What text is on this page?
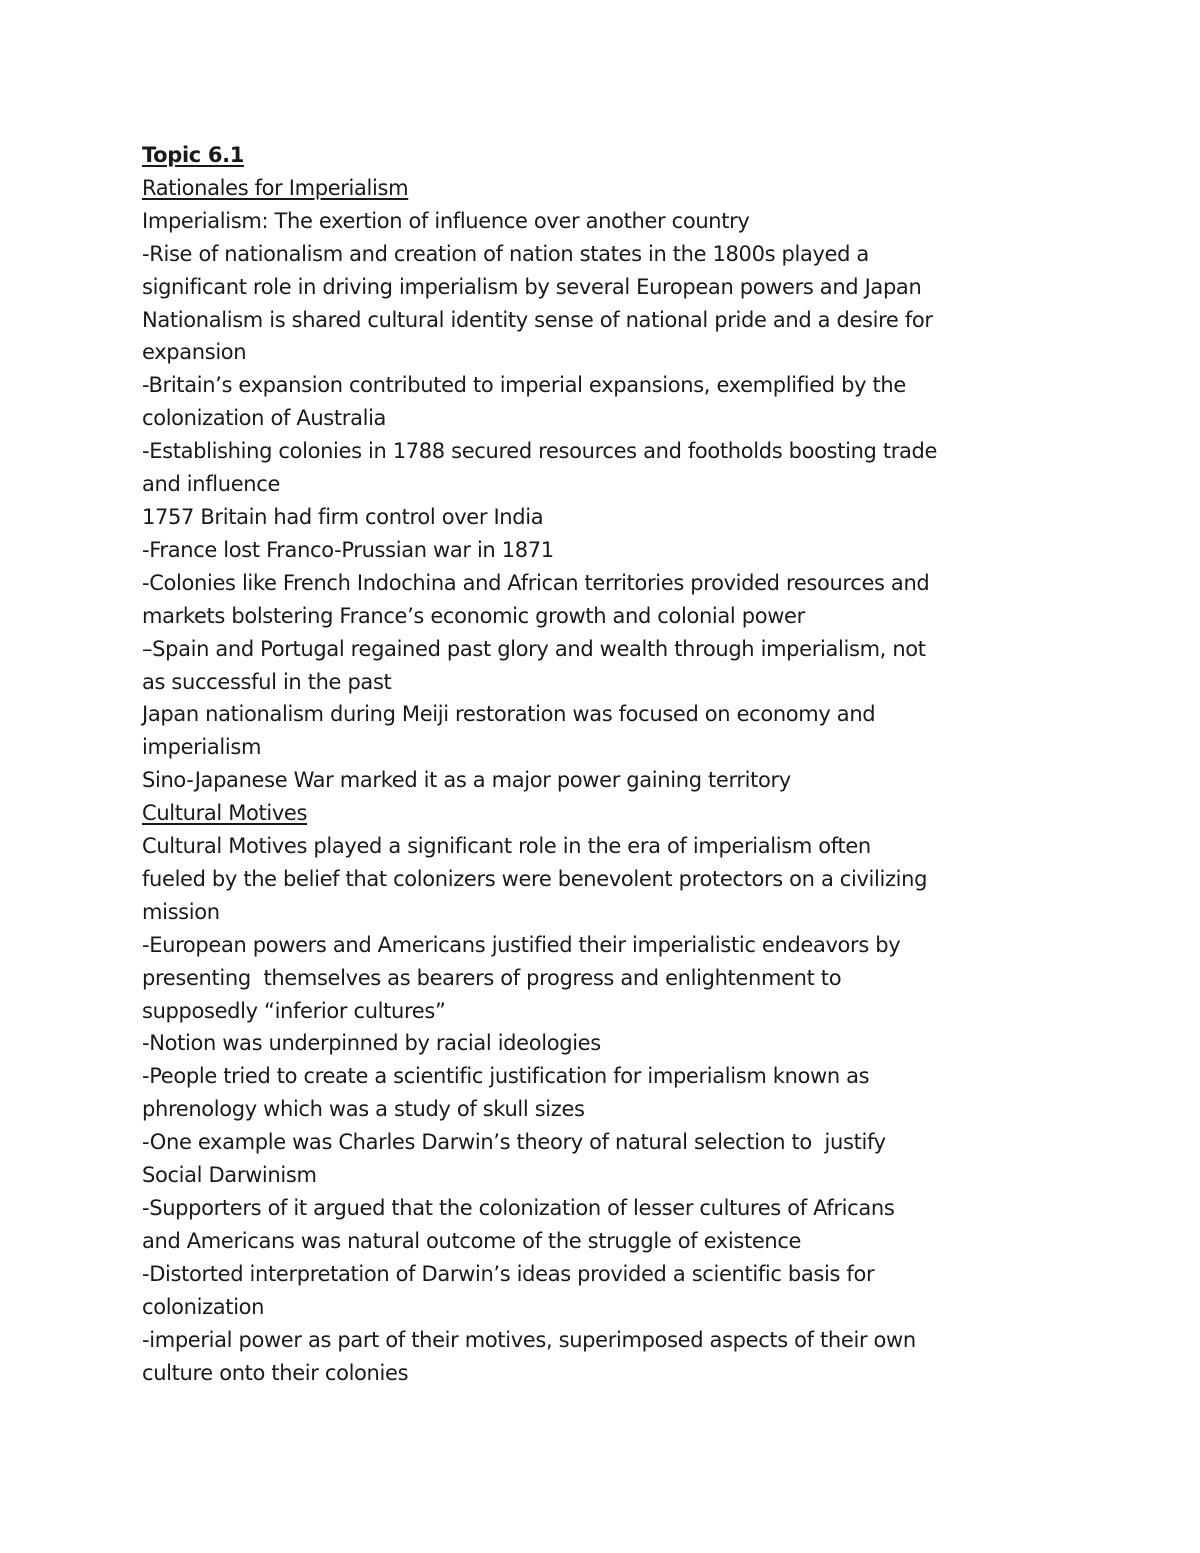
Topic 6.1
Rationales for Imperialism
Imperialism: The exertion of influence over another country
-Rise of nationalism and creation of nation states in the 1800s played a
significant role in driving imperialism by several European powers and Japan
Nationalism is shared cultural identity sense of national pride and a desire for
expansion
-Britain’s expansion contributed to imperial expansions, exemplified by the
colonization of Australia
-Establishing colonies in 1788 secured resources and footholds boosting trade
and influence
1757 Britain had firm control over India
-France lost Franco-Prussian war in 1871
-Colonies like French Indochina and African territories provided resources and
markets bolstering France’s economic growth and colonial power
–Spain and Portugal regained past glory and wealth through imperialism, not
as successful in the past
Japan nationalism during Meiji restoration was focused on economy and
imperialism
Sino-Japanese War marked it as a major power gaining territory
Cultural Motives
Cultural Motives played a significant role in the era of imperialism often
fueled by the belief that colonizers were benevolent protectors on a civilizing
mission
-European powers and Americans justified their imperialistic endeavors by
presenting  themselves as bearers of progress and enlightenment to
supposedly “inferior cultures”
-Notion was underpinned by racial ideologies
-People tried to create a scientific justification for imperialism known as
phrenology which was a study of skull sizes
-One example was Charles Darwin’s theory of natural selection to  justify
Social Darwinism
-Supporters of it argued that the colonization of lesser cultures of Africans
and Americans was natural outcome of the struggle of existence
-Distorted interpretation of Darwin’s ideas provided a scientific basis for
colonization
-imperial power as part of their motives, superimposed aspects of their own
culture onto their colonies
